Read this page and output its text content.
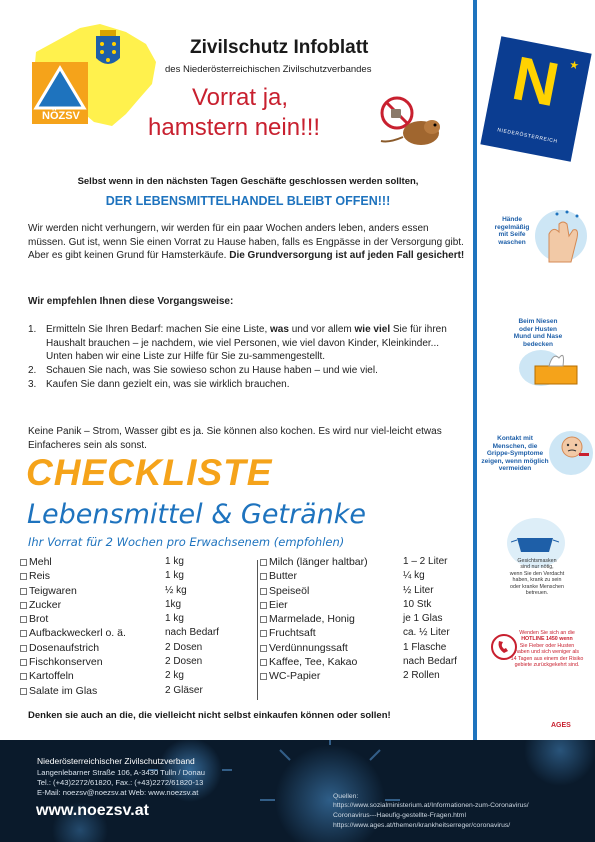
NÖZSV
Zivilschutz Infoblatt
des Niederösterreichischen Zivilschutzverbandes
Vorrat ja,
hamstern nein!!!
Selbst wenn in den nächsten Tagen Geschäfte geschlossen werden sollten,
DER LEBENSMITTELHANDEL BLEIBT OFFEN!!!
Wir werden nicht verhungern, wir werden für ein paar Wochen anders leben, anders essen müssen. Gut ist, wenn Sie einen Vorrat zu Hause haben, falls es Engpässe in der Versorgung gibt. Aber es gibt keinen Grund für Hamsterkäufe. Die Grundversorgung ist auf jeden Fall gesichert!
Wir empfehlen Ihnen diese Vorgangsweise:
1. Ermitteln Sie Ihren Bedarf: machen Sie eine Liste, was und vor allem wie viel Sie für ihren Haushalt brauchen – je nachdem, wie viel Personen, wie viel davon Kinder, Kleinkinder... Unten haben wir eine Liste zur Hilfe für Sie zu-sammengestellt.
2. Schauen Sie nach, was Sie sowieso schon zu Hause haben – und wie viel.
3. Kaufen Sie dann gezielt ein, was sie wirklich brauchen.
Keine Panik – Strom, Wasser gibt es ja. Sie können also kochen. Es wird nur viel-leicht etwas Einfacheres sein als sonst.
CHECKLISTE
Lebensmittel & Getränke
Ihr Vorrat für 2 Wochen pro Erwachsenem (empfohlen)
Mehl	1 kg
Reis	1 kg
Teigwaren	½ kg
Zucker	1kg
Brot	1 kg
Aufbackweckerl o. ä.	nach Bedarf
Dosenaufstrich	2 Dosen
Fischkonserven	2 Dosen
Kartoffeln	2 kg
Salate im Glas	2 Gläser
Milch (länger haltbar)	1 – 2 Liter
Butter	¼ kg
Speiseöl	½ Liter
Eier	10 Stk
Marmelade, Honig	je 1 Glas
Fruchtsaft	ca. ½ Liter
Verdünnungssaft	1 Flasche
Kaffee, Tee, Kakao	nach Bedarf
WC-Papier	2 Rollen
Denken sie auch an die, die vielleicht nicht selbst einkaufen können oder sollen!
N ★
NIEDERÖSTERREICH
Hände
regelmäßig
mit Seife
waschen
Beim Niesen
oder Husten
Mund und Nase
bedecken
Kontakt mit
Menschen, die
Grippe-Symptome
zeigen, wenn möglich
vermeiden
Gesichtsmasken
sind nur nötig,
wenn Sie den Verdacht
haben, krank zu sein
oder kranke Menschen
betreuen.
Wenden Sie sich an die
HOTLINE 1450 wenn
Sie Fieber oder Husten
haben und sich weniger als
14 Tagen aus einem der Risiko
gebiete zurückgekehrt sind.
AGES
Niederösterreichischer Zivilschutzverband
Langenlebarner Straße 106, A-3430 Tulln / Donau
Tel.: (+43)2272/61820, Fax.: (+43)2272/61820-13
E-Mail: noezsv@noezsv.at Web: www.noezsv.at
www.noezsv.at
Quellen:
https://www.sozialministerium.at/Informationen-zum-Coronavirus/
Coronavirus---Haeufig-gestellte-Fragen.html
https://www.ages.at/themen/krankheitserreger/coronavirus/
